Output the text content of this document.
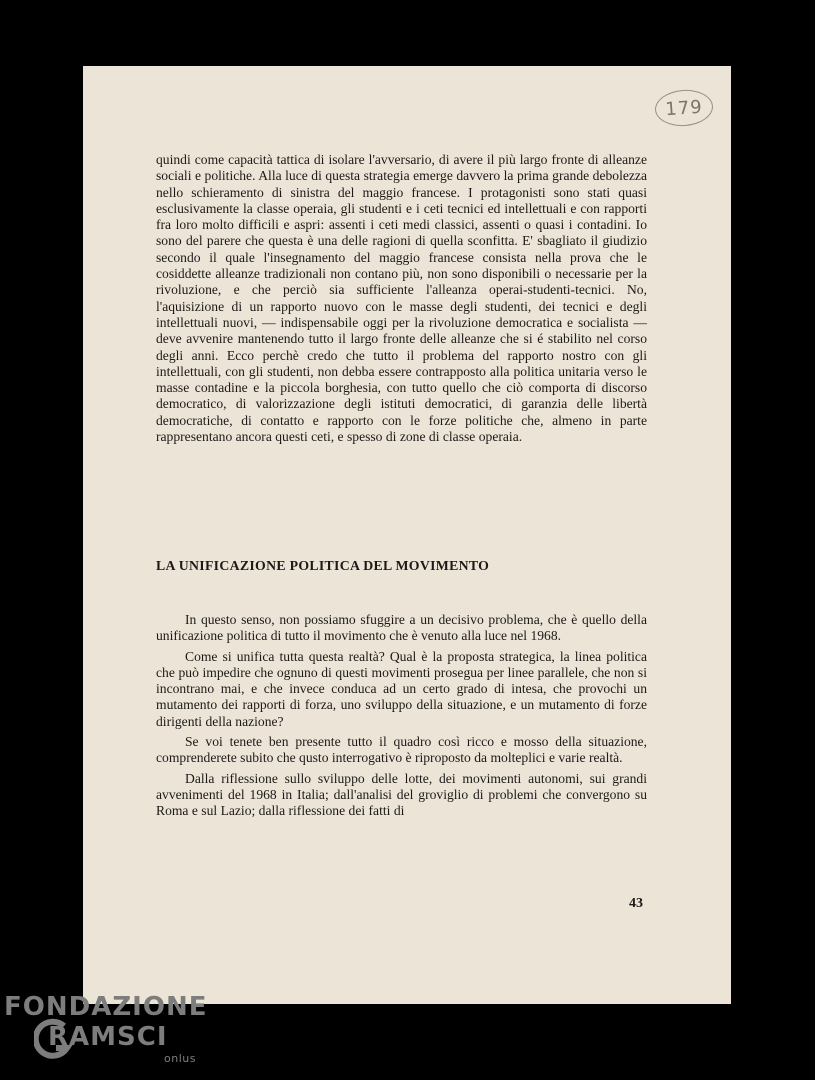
179
quindi come capacità tattica di isolare l'avversario, di avere il più largo fronte di alleanze sociali e politiche. Alla luce di questa strategia emerge davvero la prima grande debolezza nello schieramento di sinistra del maggio francese. I protagonisti sono stati quasi esclusivamente la classe operaia, gli studenti e i ceti tecnici ed intellettuali e con rapporti fra loro molto difficili e aspri: assenti i ceti medi classici, assenti o quasi i contadini. Io sono del parere che questa è una delle ragioni di quella sconfitta. E' sbagliato il giudizio secondo il quale l'insegnamento del maggio francese consista nella prova che le cosiddette alleanze tradizionali non contano più, non sono disponibili o necessarie per la rivoluzione, e che perciò sia sufficiente l'alleanza operai-studenti-tecnici. No, l'aquisizione di un rapporto nuovo con le masse degli studenti, dei tecnici e degli intellettuali nuovi, — indispensabile oggi per la rivoluzione democratica e socialista — deve avvenire mantenendo tutto il largo fronte delle alleanze che si é stabilito nel corso degli anni. Ecco perchè credo che tutto il problema del rapporto nostro con gli intellettuali, con gli studenti, non debba essere contrapposto alla politica unitaria verso le masse contadine e la piccola borghesia, con tutto quello che ciò comporta di discorso democratico, di valorizzazione degli istituti democratici, di garanzia delle libertà democratiche, di contatto e rapporto con le forze politiche che, almeno in parte rappresentano ancora questi ceti, e spesso di zone di classe operaia.
LA UNIFICAZIONE POLITICA DEL MOVIMENTO

In questo senso, non possiamo sfuggire a un decisivo problema, che è quello della unificazione politica di tutto il movimento che è venuto alla luce nel 1968.

Come si unifica tutta questa realtà? Qual è la proposta strategica, la linea politica che può impedire che ognuno di questi movimenti prosegua per linee parallele, che non si incontrano mai, e che invece conduca ad un certo grado di intesa, che provochi un mutamento dei rapporti di forza, uno sviluppo della situazione, e un mutamento di forze dirigenti della nazione?

Se voi tenete ben presente tutto il quadro così ricco e mosso della situazione, comprenderete subito che qusto interrogativo è riproposto da molteplici e varie realtà.

Dalla riflessione sullo sviluppo delle lotte, dei movimenti autonomi, sui grandi avvenimenti del 1968 in Italia; dall'analisi del groviglio di problemi che convergono su Roma e sul Lazio; dalla riflessione dei fatti di

43
FONDAZIONE
RAMSCI
onlus
